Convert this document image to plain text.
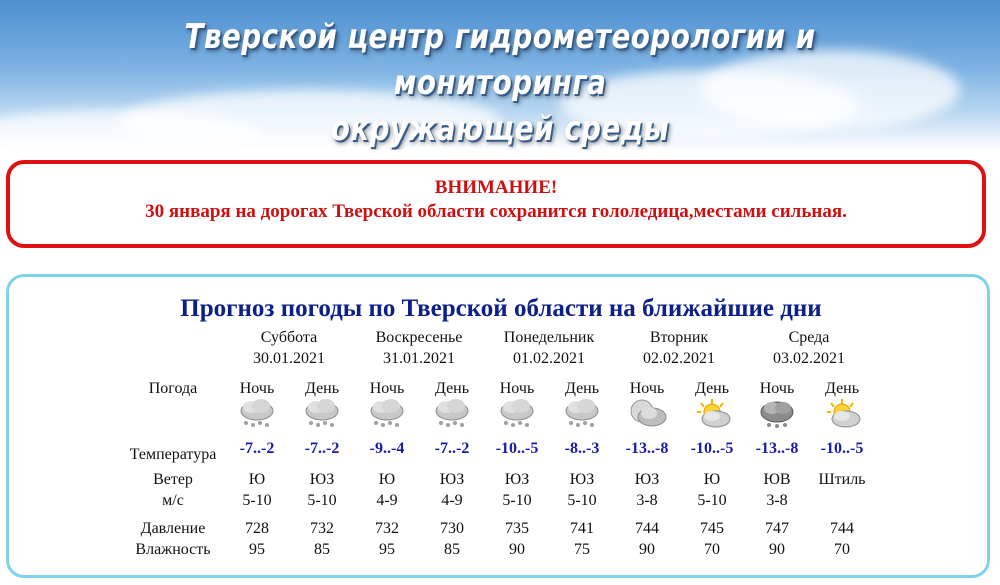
Тверской центр гидрометеорологии и мониторинга
окружающей среды
ВНИМАНИЕ!
30 января на дорогах Тверской области сохранится гололедица,местами сильная.
Прогноз погоды по Тверской области на ближайшие дни
Погода
Температура
Ветер
м/с
Давление
Влажность
Суббота
30.01.2021
Воскресенье
31.01.2021
Понедельник
01.02.2021
Вторник
02.02.2021
Среда
03.02.2021
Ночь
-7..-2
Ю
5-10
728
95
День
-7..-2
ЮЗ
5-10
732
85
Ночь
-9..-4
Ю
4-9
732
95
День
-7..-2
ЮЗ
4-9
730
85
Ночь
-10..-5
ЮЗ
5-10
735
90
День
-8..-3
ЮЗ
5-10
741
75
Ночь
-13..-8
ЮЗ
3-8
744
90
День
-10..-5
Ю
5-10
745
70
Ночь
-13..-8
ЮВ
3-8
747
90
День
-10..-5
Штиль
744
70
